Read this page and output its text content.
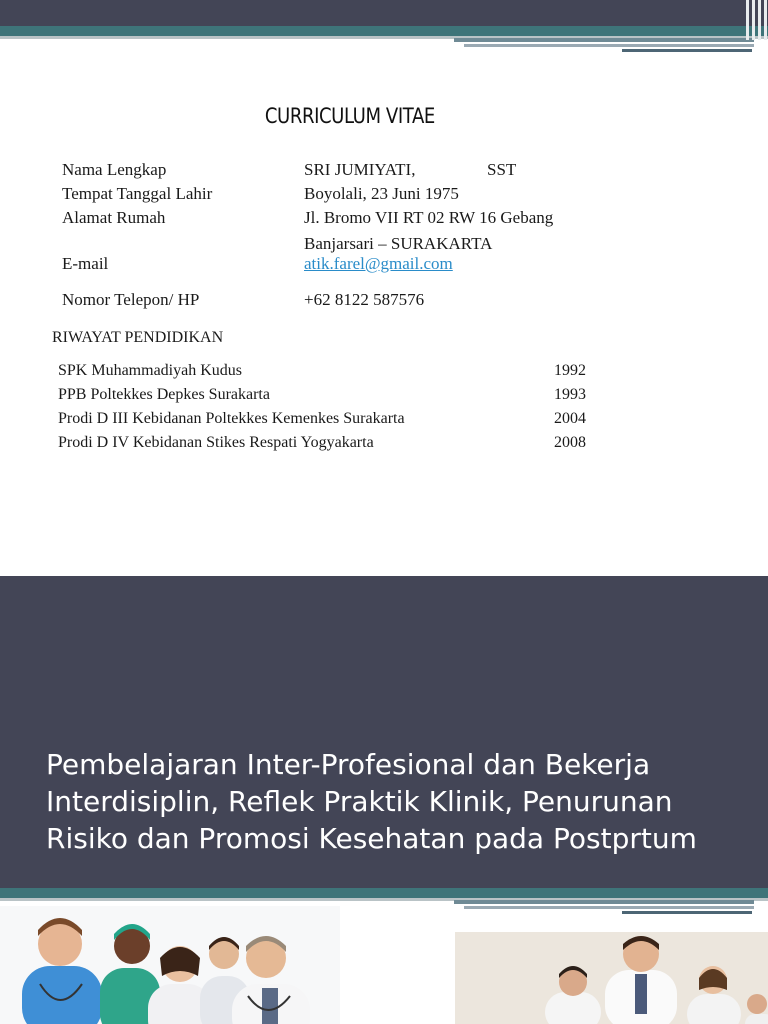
CURRICULUM VITAE
Nama Lengkap	SRI JUMIYATI,	SST
Tempat Tanggal Lahir	Boyolali, 23 Juni 1975
Alamat Rumah	Jl. Bromo VII RT 02 RW 16 Gebang
Banjarsari – SURAKARTA
E-mail	atik.farel@gmail.com
Nomor Telepon/ HP	+62 8122 587576
RIWAYAT PENDIDIKAN
SPK Muhammadiyah Kudus	1992
PPB Poltekkes Depkes Surakarta	1993
Prodi D III Kebidanan Poltekkes Kemenkes Surakarta	2004
Prodi D IV Kebidanan Stikes Respati Yogyakarta	2008
Pembelajaran Inter-Profesional dan Bekerja
Interdisiplin, Reflek Praktik Klinik, Penurunan
Risiko dan Promosi Kesehatan pada Postprtum
